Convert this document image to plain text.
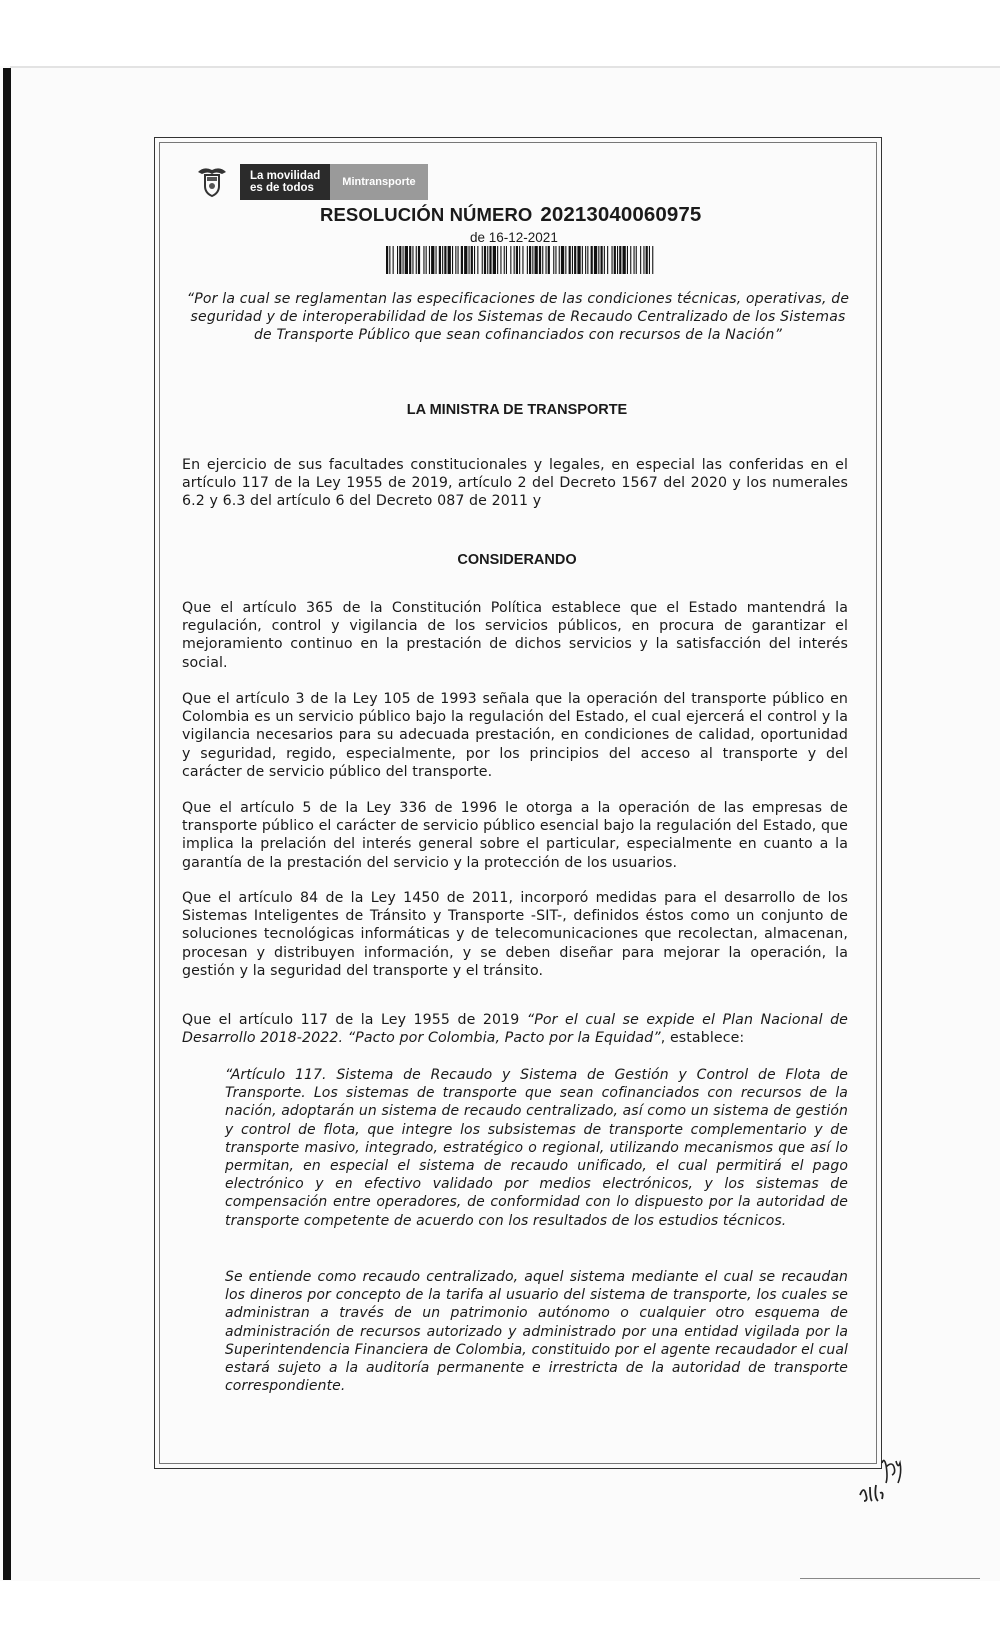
La movilidad
es de todos	Mintransporte
RESOLUCIÓN NÚMERO 20213040060975
de 16-12-2021
“Por la cual se reglamentan las especificaciones de las condiciones técnicas, operativas, de seguridad y de interoperabilidad de los Sistemas de Recaudo Centralizado de los Sistemas de Transporte Público que sean cofinanciados con recursos de la Nación”
LA MINISTRA DE TRANSPORTE

En ejercicio de sus facultades constitucionales y legales, en especial las conferidas en el artículo 117 de la Ley 1955 de 2019, artículo 2 del Decreto 1567 del 2020 y los numerales 6.2 y 6.3 del artículo 6 del Decreto 087 de 2011 y

CONSIDERANDO

Que el artículo 365 de la Constitución Política establece que el Estado mantendrá la regulación, control y vigilancia de los servicios públicos, en procura de garantizar el mejoramiento continuo en la prestación de dichos servicios y la satisfacción del interés social.

Que el artículo 3 de la Ley 105 de 1993 señala que la operación del transporte público en Colombia es un servicio público bajo la regulación del Estado, el cual ejercerá el control y la vigilancia necesarios para su adecuada prestación, en condiciones de calidad, oportunidad y seguridad, regido, especialmente, por los principios del acceso al transporte y del carácter de servicio público del transporte.

Que el artículo 5 de la Ley 336 de 1996 le otorga a la operación de las empresas de transporte público el carácter de servicio público esencial bajo la regulación del Estado, que implica la prelación del interés general sobre el particular, especialmente en cuanto a la garantía de la prestación del servicio y la protección de los usuarios.

Que el artículo 84 de la Ley 1450 de 2011, incorporó medidas para el desarrollo de los Sistemas Inteligentes de Tránsito y Transporte -SIT-, definidos éstos como un conjunto de soluciones tecnológicas informáticas y de telecomunicaciones que recolectan, almacenan, procesan y distribuyen información, y se deben diseñar para mejorar la operación, la gestión y la seguridad del transporte y el tránsito.

Que el artículo 117 de la Ley 1955 de 2019 “Por el cual se expide el Plan Nacional de Desarrollo 2018-2022. “Pacto por Colombia, Pacto por la Equidad”, establece:

“Artículo 117. Sistema de Recaudo y Sistema de Gestión y Control de Flota de Transporte. Los sistemas de transporte que sean cofinanciados con recursos de la nación, adoptarán un sistema de recaudo centralizado, así como un sistema de gestión y control de flota, que integre los subsistemas de transporte complementario y de transporte masivo, integrado, estratégico o regional, utilizando mecanismos que así lo permitan, en especial el sistema de recaudo unificado, el cual permitirá el pago electrónico y en efectivo validado por medios electrónicos, y los sistemas de compensación entre operadores, de conformidad con lo dispuesto por la autoridad de transporte competente de acuerdo con los resultados de los estudios técnicos.

Se entiende como recaudo centralizado, aquel sistema mediante el cual se recaudan los dineros por concepto de la tarifa al usuario del sistema de transporte, los cuales se administran a través de un patrimonio autónomo o cualquier otro esquema de administración de recursos autorizado y administrado por una entidad vigilada por la Superintendencia Financiera de Colombia, constituido por el agente recaudador el cual estará sujeto a la auditoría permanente e irrestricta de la autoridad de transporte correspondiente.
